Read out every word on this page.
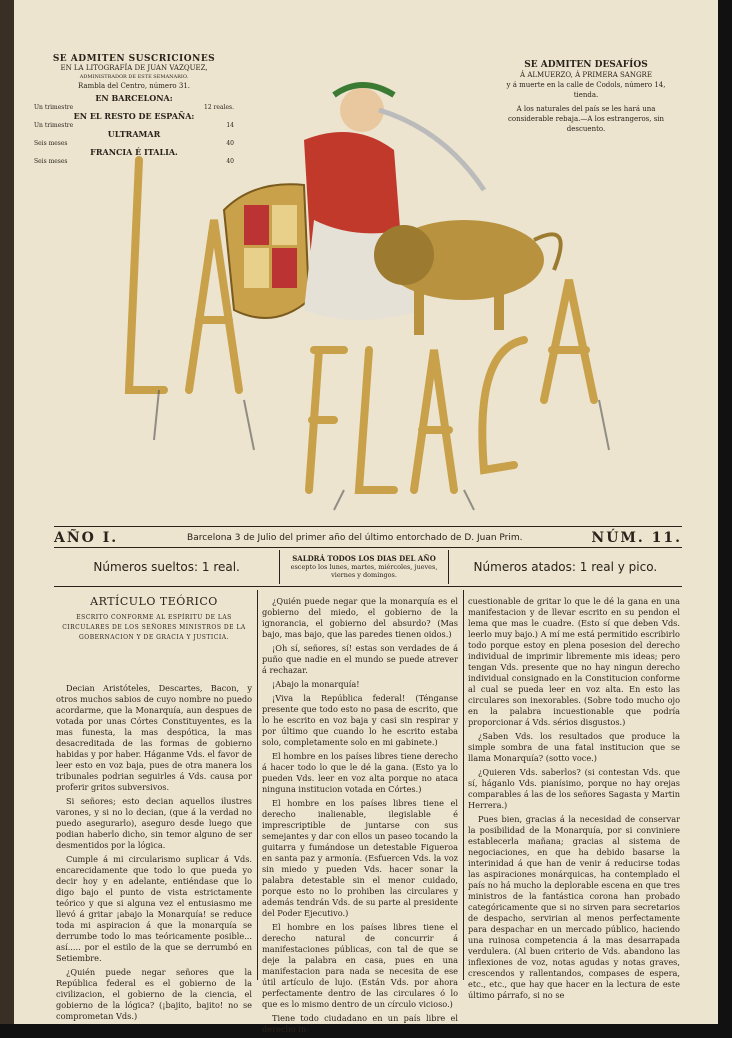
SE ADMITEN SUSCRICIONES
EN LA LITOGRAFÍA DE JUAN VAZQUEZ,
ADMINISTRADOR DE ESTE SEMANARIO.
Rambla del Centro, número 31.
EN BARCELONA:
Un trimestre	12 reales.
EN EL RESTO DE ESPAÑA:
Un trimestre	14
ULTRAMAR
Seis meses	40
FRANCIA É ITALIA.
Seis meses	40
SE ADMITEN DESAFÍOS
Á ALMUERZO, Á PRIMERA SANGRE
y á muerte en la calle de Codols, número 14, tienda.
A los naturales del país se les hará una considerable rebaja.—A los estrangeros, sin descuento.
AÑO I.	Barcelona 3 de Julio del primer año del último entorchado de D. Juan Prim.	NÚM. 11.
Números sueltos: 1 real.
SALDRÁ TODOS LOS DIAS DEL AÑO
escepto los lunes, martes, miércoles, jueves, viernes y domingos.
Números atados: 1 real y pico.
ARTÍCULO TEÓRICO
ESCRITO CONFORME AL ESPÍRITU DE LAS CIRCULARES DE LOS SEÑORES MINISTROS DE LA GOBERNACION Y DE GRACIA Y JUSTICIA.

Decian Aristóteles, Descartes, Bacon, y otros muchos sabios de cuyo nombre no puedo acordarme, que la Monarquía, aun despues de votada por unas Córtes Constituyentes, es la mas funesta, la mas despótica, la mas desacreditada de las formas de gobierno habidas y por haber. Háganme Vds. el favor de leer esto en voz baja, pues de otra manera los tribunales podrian seguirles á Vds. causa por proferir gritos subversivos.

Si señores; esto decian aquellos ilustres varones, y si no lo decian, (que á la verdad no puedo asegurarlo), aseguro desde luego que podian haberlo dicho, sin temor alguno de ser desmentidos por la lógica.

Cumple á mi circularismo suplicar á Vds. encarecidamente que todo lo que pueda yo decir hoy y en adelante, entiéndase que lo digo bajo el punto de vista estrictamente teórico y que si alguna vez el entusiasmo me llevó á gritar ¡abajo la Monarquía! se reduce toda mi aspiracion á que la monarquía se derrumbe todo lo mas teóricamente posible... así..... por el estilo de la que se derrumbó en Setiembre.

¿Quién puede negar señores que la República federal es el gobierno de la civilizacion, el gobierno de la ciencia, el gobierno de la lógica? (¡bajito, bajito! no se comprometan Vds.)

¿Quién puede negar que la monarquía es el gobierno del miedo, el gobierno de la ignorancia, el gobierno del absurdo? (Mas bajo, mas bajo, que las paredes tienen oidos.)

¡Oh sí, señores, sí! estas son verdades de á puño que nadie en el mundo se puede atrever á rechazar.

¡Abajo la monarquía!

¡Viva la República federal! (Ténganse presente que todo esto no pasa de escrito, que lo he escrito en voz baja y casi sin respirar y por último que cuando lo he escrito estaba solo, completamente solo en mi gabinete.)

El hombre en los países libres tiene derecho á hacer todo lo que le dé la gana. (Esto ya lo pueden Vds. leer en voz alta porque no ataca ninguna institucion votada en Córtes.)

El hombre en los países libres tiene el derecho inalienable, ilegislable é imprescriptible de juntarse con sus semejantes y dar con ellos un paseo tocando la guitarra y fumándose un detestable Figueroa en santa paz y armonía. (Esfuercen Vds. la voz sin miedo y pueden Vds. hacer sonar la palabra detestable sin el menor cuidado, porque esto no lo prohiben las circulares y además tendrán Vds. de su parte al presidente del Poder Ejecutivo.)

El hombre en los países libres tiene el derecho natural de concurrir á manifestaciones públicas, con tal de que se deje la palabra en casa, pues en una manifestacion para nada se necesita de ese útil artículo de lujo. (Están Vds. por ahora perfectamente dentro de las circulares ó lo que es lo mismo dentro de un círculo vicioso.)

Tiene todo ciudadano en un país libre el derecho in-

cuestionable de gritar lo que le dé la gana en una manifestacion y de llevar escrito en su pendon el lema que mas le cuadre. (Esto sí que deben Vds. leerlo muy bajo.) A mí me está permitido escribirlo todo porque estoy en plena posesion del derecho individual de imprimir libremente mis ideas; pero tengan Vds. presente que no hay ningun derecho individual consignado en la Constitucion conforme al cual se pueda leer en voz alta. En esto las circulares son inexorables. (Sobre todo mucho ojo en la palabra incuestionable que podría proporcionar á Vds. sérios disgustos.)

¿Saben Vds. los resultados que produce la simple sombra de una fatal institucion que se llama Monarquía? (sotto voce.)

¿Quieren Vds. saberlos? (si contestan Vds. que sí, háganlo Vds. pianísimo, porque no hay orejas comparables á las de los señores Sagasta y Martin Herrera.)

Pues bien, gracias á la necesidad de conservar la posibilidad de la Monarquía, por si conviniere establecerla mañana; gracias al sistema de negociaciones, en que ha debido basarse la interinidad á que han de venir á reducirse todas las aspiraciones monárquicas, ha contemplado el país no há mucho la deplorable escena en que tres ministros de la fantástica corona han probado categóricamente que si no sirven para secretarios de despacho, servirian al menos perfectamente para despachar en un mercado público, haciendo una ruinosa competencia á la mas desarrapada verdulera. (Al buen criterio de Vds. abandono las inflexiones de voz, notas agudas y notas graves, crescendos y rallentandos, compases de espera, etc., etc., que hay que hacer en la lectura de este último párrafo, si no se
